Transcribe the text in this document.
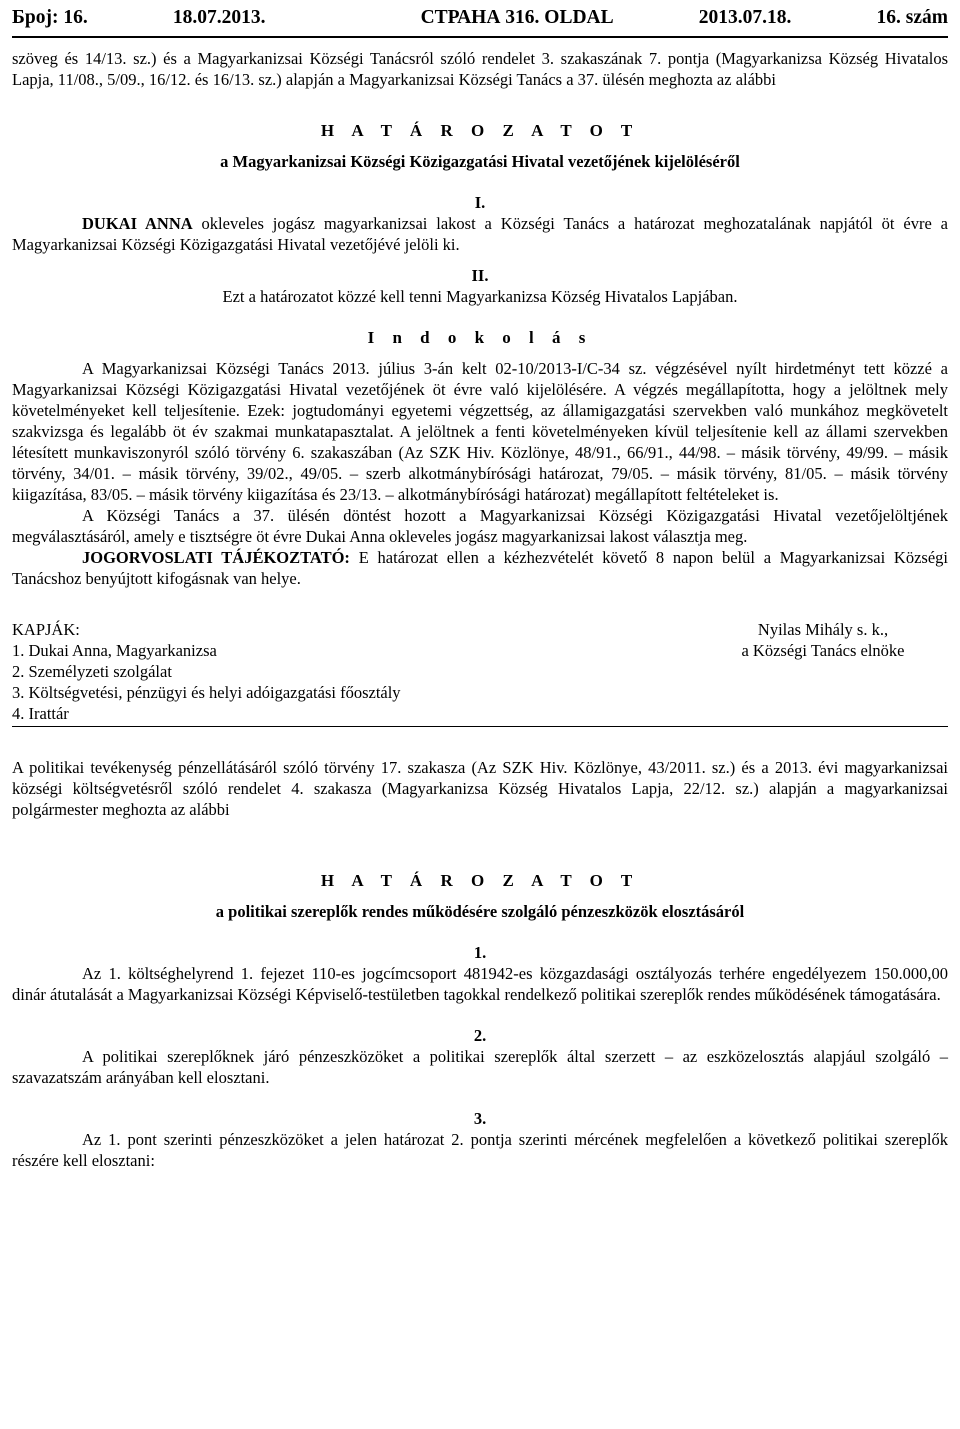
Број: 16.	18.07.2013.	СТРАНА 316. OLDAL	2013.07.18.	16. szám

szöveg és 14/13. sz.) és a Magyarkanizsai Községi Tanácsról szóló rendelet 3. szakaszának 7. pontja (Magyarkanizsa Község Hivatalos Lapja, 11/08., 5/09., 16/12. és 16/13. sz.) alapján a Magyarkanizsai Községi Tanács a 37. ülésén meghozta az alábbi

H A T Á R O Z A T O T

a Magyarkanizsai Községi Közigazgatási Hivatal vezetőjének kijelöléséről

I.

DUKAI ANNA okleveles jogász magyarkanizsai lakost a Községi Tanács a határozat meghozatalának napjától öt évre a Magyarkanizsai Községi Közigazgatási Hivatal vezetőjévé jelöli ki.

II.

Ezt a határozatot közzé kell tenni Magyarkanizsa Község Hivatalos Lapjában.

I n d o k o l á s

A Magyarkanizsai Községi Tanács 2013. július 3-án kelt 02-10/2013-I/C-34 sz. végzésével nyílt hirdetményt tett közzé a Magyarkanizsai Községi Közigazgatási Hivatal vezetőjének öt évre való kijelölésére. A végzés megállapította, hogy a jelöltnek mely követelményeket kell teljesítenie. Ezek: jogtudományi egyetemi végzettség, az államigazgatási szervekben való munkához megkövetelt szakvizsga és legalább öt év szakmai munkatapasztalat. A jelöltnek a fenti követelményeken kívül teljesítenie kell az állami szervekben létesített munkaviszonyról szóló törvény 6. szakaszában (Az SZK Hiv. Közlönye, 48/91., 66/91., 44/98. – másik törvény, 49/99. – másik törvény, 34/01. – másik törvény, 39/02., 49/05. – szerb alkotmánybírósági határozat, 79/05. – másik törvény, 81/05. – másik törvény kiigazítása, 83/05. – másik törvény kiigazítása és 23/13. – alkotmánybírósági határozat) megállapított feltételeket is.

A Községi Tanács a 37. ülésén döntést hozott a Magyarkanizsai Községi Közigazgatási Hivatal vezetőjelöltjének megválasztásáról, amely e tisztségre öt évre Dukai Anna okleveles jogász magyarkanizsai lakost választja meg.

JOGORVOSLATI TÁJÉKOZTATÓ: E határozat ellen a kézhezvételét követő 8 napon belül a Magyarkanizsai Községi Tanácshoz benyújtott kifogásnak van helye.

KAPJÁK:	Nyilas Mihály s. k.,
1. Dukai Anna, Magyarkanizsa	a Községi Tanács elnöke
2. Személyzeti szolgálat
3. Költségvetési, pénzügyi és helyi adóigazgatási főosztály
4. Irattár

A politikai tevékenység pénzellátásáról szóló törvény 17. szakasza (Az SZK Hiv. Közlönye, 43/2011. sz.) és a 2013. évi magyarkanizsai községi költségvetésről szóló rendelet 4. szakasza (Magyarkanizsa Község Hivatalos Lapja, 22/12. sz.) alapján a magyarkanizsai polgármester meghozta az alábbi

H A T Á R O Z A T O T

a politikai szereplők rendes működésére szolgáló pénzeszközök elosztásáról

1.

Az 1. költséghelyrend 1. fejezet 110-es jogcímcsoport 481942-es közgazdasági osztályozás terhére engedélyezem 150.000,00 dinár átutalását a Magyarkanizsai Községi Képviselő-testületben tagokkal rendelkező politikai szereplők rendes működésének támogatására.

2.

A politikai szereplőknek járó pénzeszközöket a politikai szereplők által szerzett – az eszközelosztás alapjául szolgáló – szavazatszám arányában kell elosztani.

3.

Az 1. pont szerinti pénzeszközöket a jelen határozat 2. pontja szerinti mércének megfelelően a következő politikai szereplők részére kell elosztani:
